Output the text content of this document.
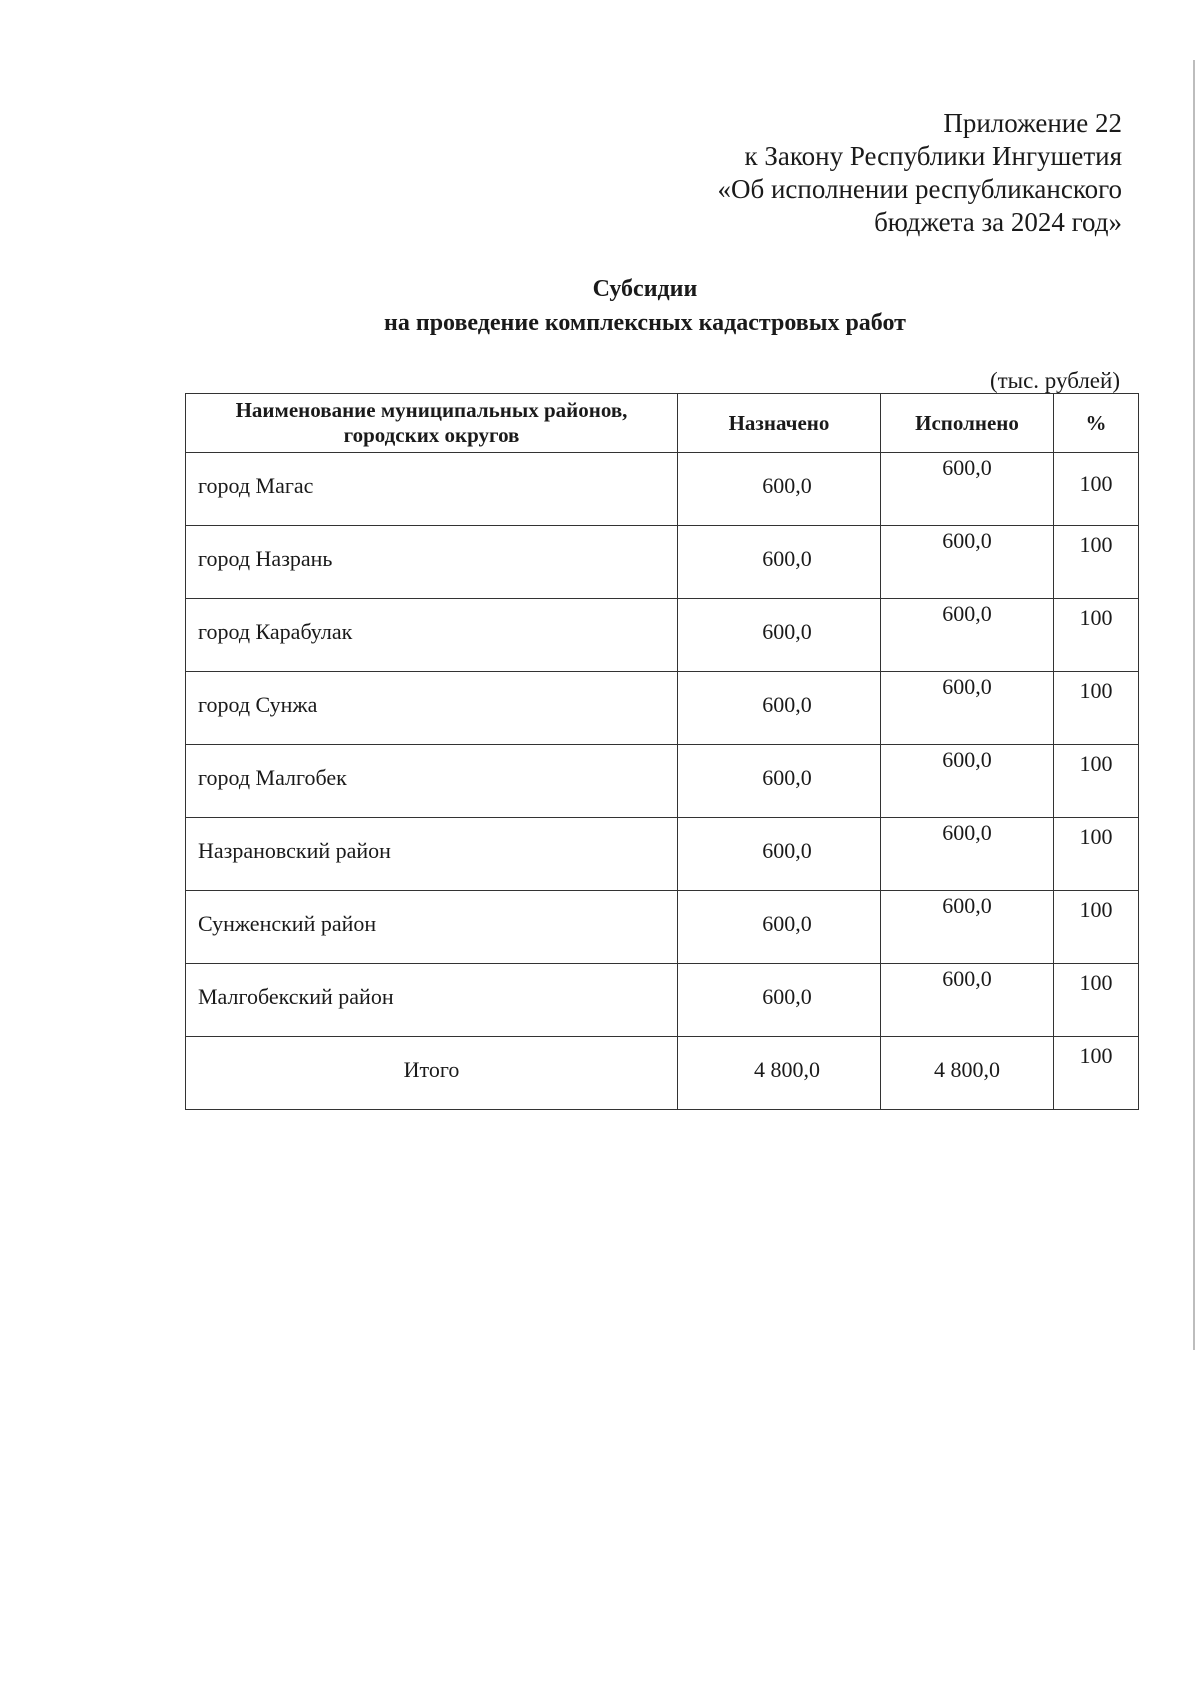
Приложение 22
к Закону Республики Ингушетия
«Об исполнении республиканского
бюджета за 2024 год»
Субсидии
на проведение комплексных кадастровых работ
(тыс. рублей)
Наименование муниципальных районов, городских округов	Назначено	Исполнено	%
город Магас	600,0	600,0	100
город Назрань	600,0	600,0	100
город Карабулак	600,0	600,0	100
город Сунжа	600,0	600,0	100
город Малгобек	600,0	600,0	100
Назрановский район	600,0	600,0	100
Сунженский район	600,0	600,0	100
Малгобекский район	600,0	600,0	100
Итого	4 800,0	4 800,0	100
